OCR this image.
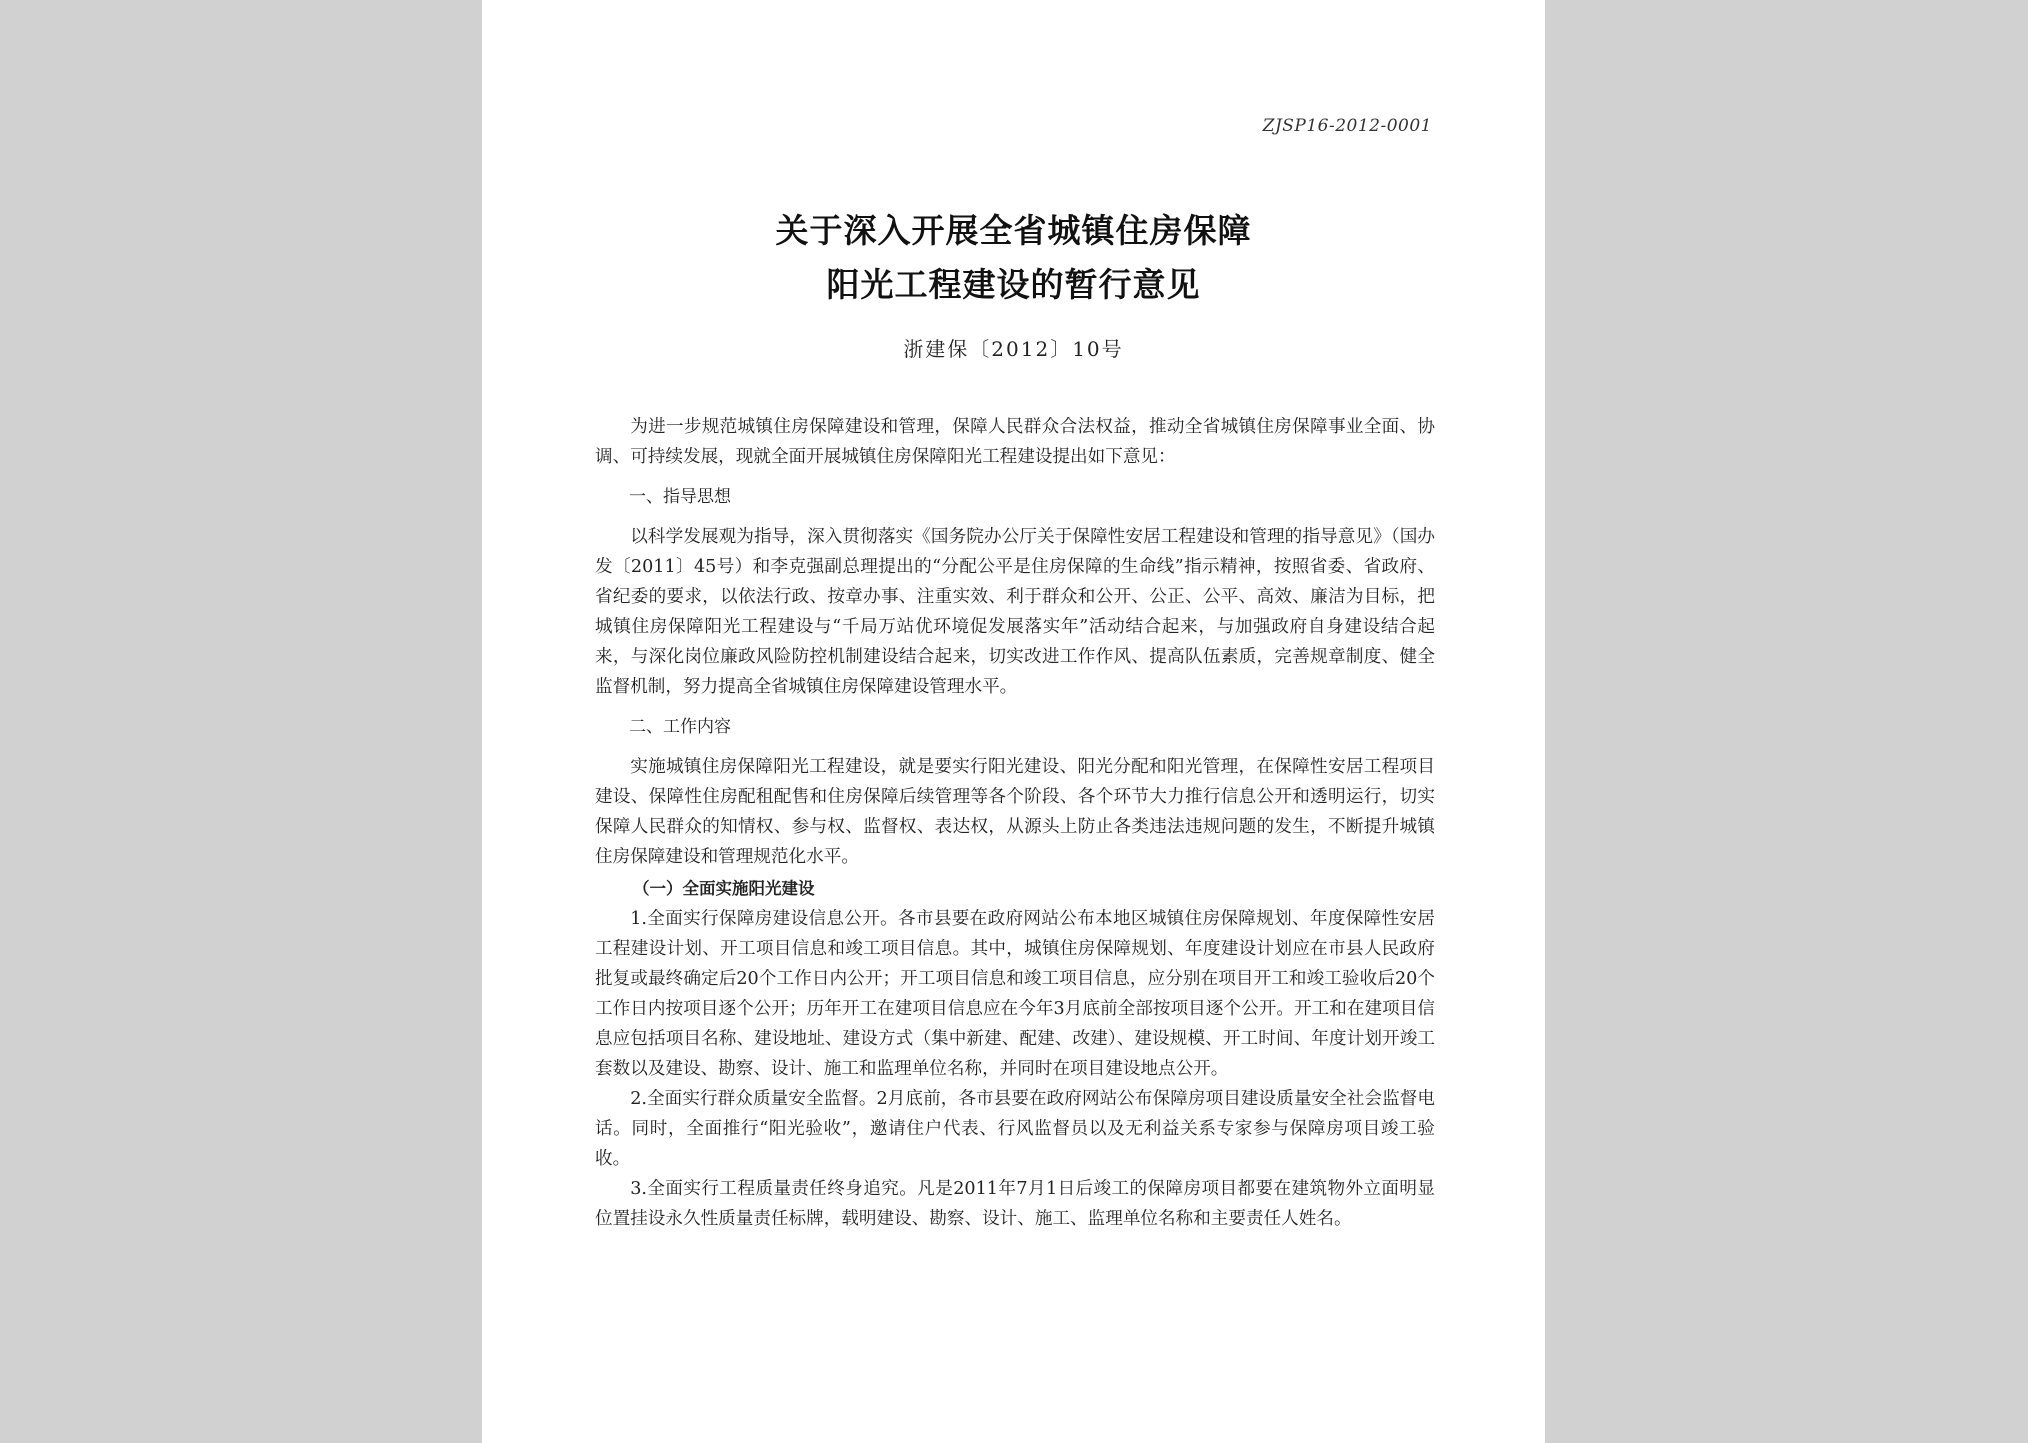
ZJSP16-2012-0001
关于深入开展全省城镇住房保障
阳光工程建设的暂行意见
浙建保〔2012〕10号

为进一步规范城镇住房保障建设和管理，保障人民群众合法权益，推动全省城镇住房保障事业全面、协调、可持续发展，现就全面开展城镇住房保障阳光工程建设提出如下意见：

一、指导思想

以科学发展观为指导，深入贯彻落实《国务院办公厅关于保障性安居工程建设和管理的指导意见》（国办发〔2011〕45号）和李克强副总理提出的“分配公平是住房保障的生命线”指示精神，按照省委、省政府、省纪委的要求，以依法行政、按章办事、注重实效、利于群众和公开、公正、公平、高效、廉洁为目标，把城镇住房保障阳光工程建设与“千局万站优环境促发展落实年”活动结合起来，与加强政府自身建设结合起来，与深化岗位廉政风险防控机制建设结合起来，切实改进工作作风、提高队伍素质，完善规章制度、健全监督机制，努力提高全省城镇住房保障建设管理水平。

二、工作内容

实施城镇住房保障阳光工程建设，就是要实行阳光建设、阳光分配和阳光管理，在保障性安居工程项目建设、保障性住房配租配售和住房保障后续管理等各个阶段、各个环节大力推行信息公开和透明运行，切实保障人民群众的知情权、参与权、监督权、表达权，从源头上防止各类违法违规问题的发生，不断提升城镇住房保障建设和管理规范化水平。

（一）全面实施阳光建设

1.全面实行保障房建设信息公开。各市县要在政府网站公布本地区城镇住房保障规划、年度保障性安居工程建设计划、开工项目信息和竣工项目信息。其中，城镇住房保障规划、年度建设计划应在市县人民政府批复或最终确定后20个工作日内公开；开工项目信息和竣工项目信息，应分别在项目开工和竣工验收后20个工作日内按项目逐个公开；历年开工在建项目信息应在今年3月底前全部按项目逐个公开。开工和在建项目信息应包括项目名称、建设地址、建设方式（集中新建、配建、改建）、建设规模、开工时间、年度计划开竣工套数以及建设、勘察、设计、施工和监理单位名称，并同时在项目建设地点公开。

2.全面实行群众质量安全监督。2月底前，各市县要在政府网站公布保障房项目建设质量安全社会监督电话。同时，全面推行“阳光验收”，邀请住户代表、行风监督员以及无利益关系专家参与保障房项目竣工验收。

3.全面实行工程质量责任终身追究。凡是2011年7月1日后竣工的保障房项目都要在建筑物外立面明显位置挂设永久性质量责任标牌，载明建设、勘察、设计、施工、监理单位名称和主要责任人姓名。
